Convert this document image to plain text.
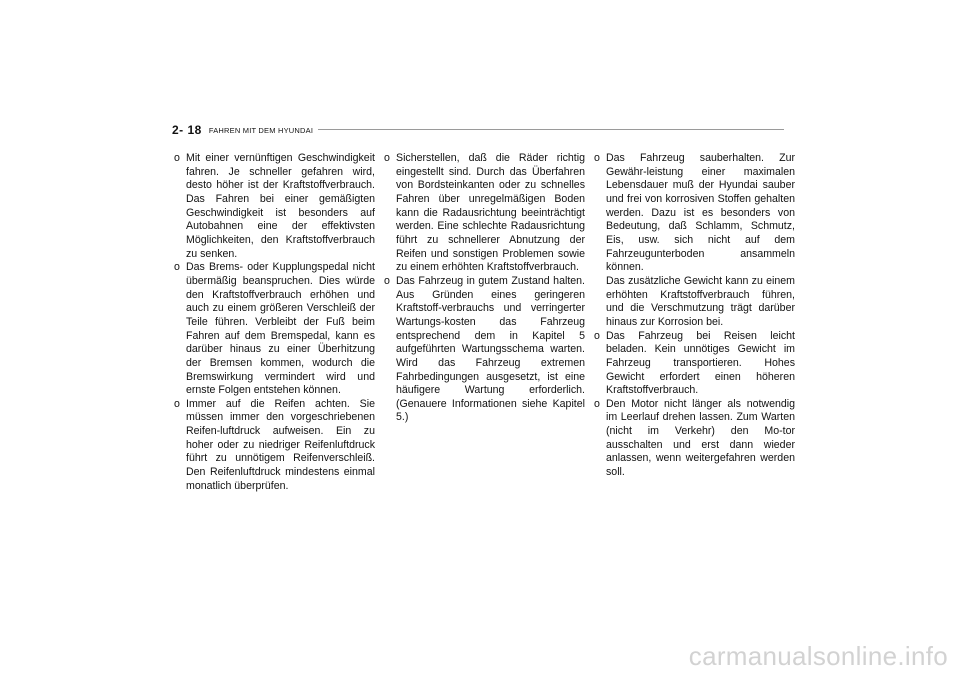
2- 18 FAHREN MIT DEM HYUNDAI
o Mit einer vernünftigen Geschwindigkeit fahren. Je schneller gefahren wird, desto höher ist der Kraftstoffverbrauch. Das Fahren bei einer gemäßigten Geschwindigkeit ist besonders auf Autobahnen eine der effektivsten Möglichkeiten, den Kraftstoffverbrauch zu senken.
o Das Brems- oder Kupplungspedal nicht übermäßig beanspruchen. Dies würde den Kraftstoffverbrauch erhöhen und auch zu einem größeren Verschleiß der Teile führen. Verbleibt der Fuß beim Fahren auf dem Bremspedal, kann es darüber hinaus zu einer Überhitzung der Bremsen kommen, wodurch die Bremswirkung vermindert wird und ernste Folgen entstehen können.
o Immer auf die Reifen achten. Sie müssen immer den vorgeschriebenen Reifen-luftdruck aufweisen. Ein zu hoher oder zu niedriger Reifenluftdruck führt zu unnötigem Reifenverschleiß. Den Reifenluftdruck mindestens einmal monatlich überprüfen.
o Sicherstellen, daß die Räder richtig eingestellt sind. Durch das Überfahren von Bordsteinkanten oder zu schnelles Fahren über unregelmäßigen Boden kann die Radausrichtung beeinträchtigt werden. Eine schlechte Radausrichtung führt zu schnellerer Abnutzung der Reifen und sonstigen Problemen sowie zu einem erhöhten Kraftstoffverbrauch.
o Das Fahrzeug in gutem Zustand halten. Aus Gründen eines geringeren Kraftstoff-verbrauchs und verringerter Wartungs-kosten das Fahrzeug entsprechend dem in Kapitel 5 aufgeführten Wartungsschema warten. Wird das Fahrzeug extremen Fahrbedingungen ausgesetzt, ist eine häufigere Wartung erforderlich. (Genauere Informationen siehe Kapitel 5.)
o Das Fahrzeug sauberhalten. Zur Gewähr-leistung einer maximalen Lebensdauer muß der Hyundai sauber und frei von korrosiven Stoffen gehalten werden. Dazu ist es besonders von Bedeutung, daß Schlamm, Schmutz, Eis, usw. sich nicht auf dem Fahrzeugunterboden ansammeln können.
Das zusätzliche Gewicht kann zu einem erhöhten Kraftstoffverbrauch führen, und die Verschmutzung trägt darüber hinaus zur Korrosion bei.
o Das Fahrzeug bei Reisen leicht beladen. Kein unnötiges Gewicht im Fahrzeug transportieren. Hohes Gewicht erfordert einen höheren Kraftstoffverbrauch.
o Den Motor nicht länger als notwendig im Leerlauf drehen lassen. Zum Warten (nicht im Verkehr) den Mo-tor ausschalten und erst dann wieder anlassen, wenn weitergefahren werden soll.
carmanualsonline.info
